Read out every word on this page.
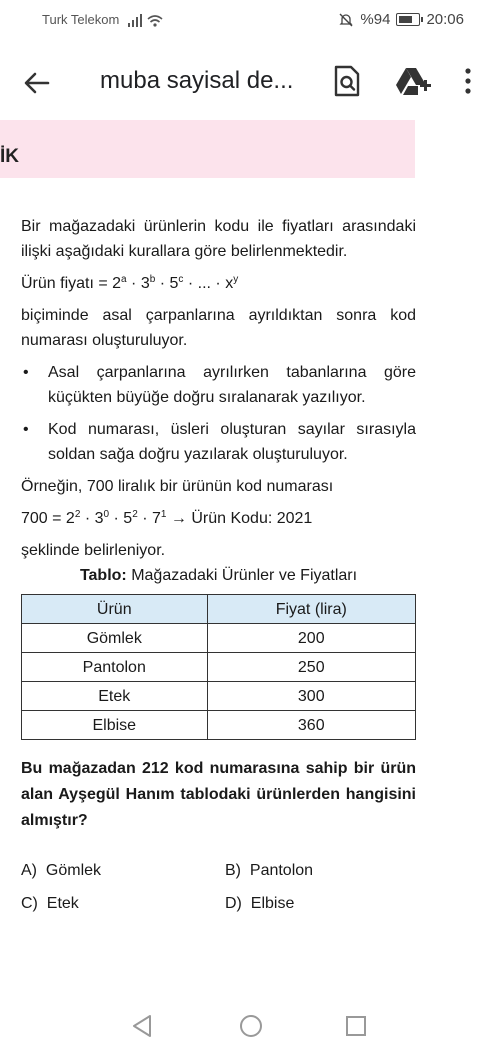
Turk Telekom	%94 20:06
muba sayisal de...
İK

Bir mağazadaki ürünlerin kodu ile fiyatları arasındaki ilişki aşağıdaki kurallara göre belirlenmektedir.

Ürün fiyatı = $2^a \cdot 3^b \cdot 5^c$ · ... · $x^y$

biçiminde asal çarpanlarına ayrıldıktan sonra kod numarası oluşturuluyor.

• Asal çarpanlarına ayrılırken tabanlarına göre küçükten büyüğe doğru sıralanarak yazılıyor.

• Kod numarası, üsleri oluşturan sayılar sırasıyla soldan sağa doğru yazılarak oluşturuluyor.

Örneğin, 700 liralık bir ürünün kod numarası

$700 = 2^2 \cdot 3^0 \cdot 5^2 \cdot 7^1$ → Ürün Kodu: 2021

şeklinde belirleniyor.

Tablo: Mağazadaki Ürünler ve Fiyatları

Ürün	Fiyat (lira)
Gömlek	200
Pantolon	250
Etek	300
Elbise	360

Bu mağazadan 212 kod numarasına sahip bir ürün alan Ayşegül Hanım tablodaki ürünlerden hangisini almıştır?

A) Gömlek	B) Pantolon
C) Etek	D) Elbise
